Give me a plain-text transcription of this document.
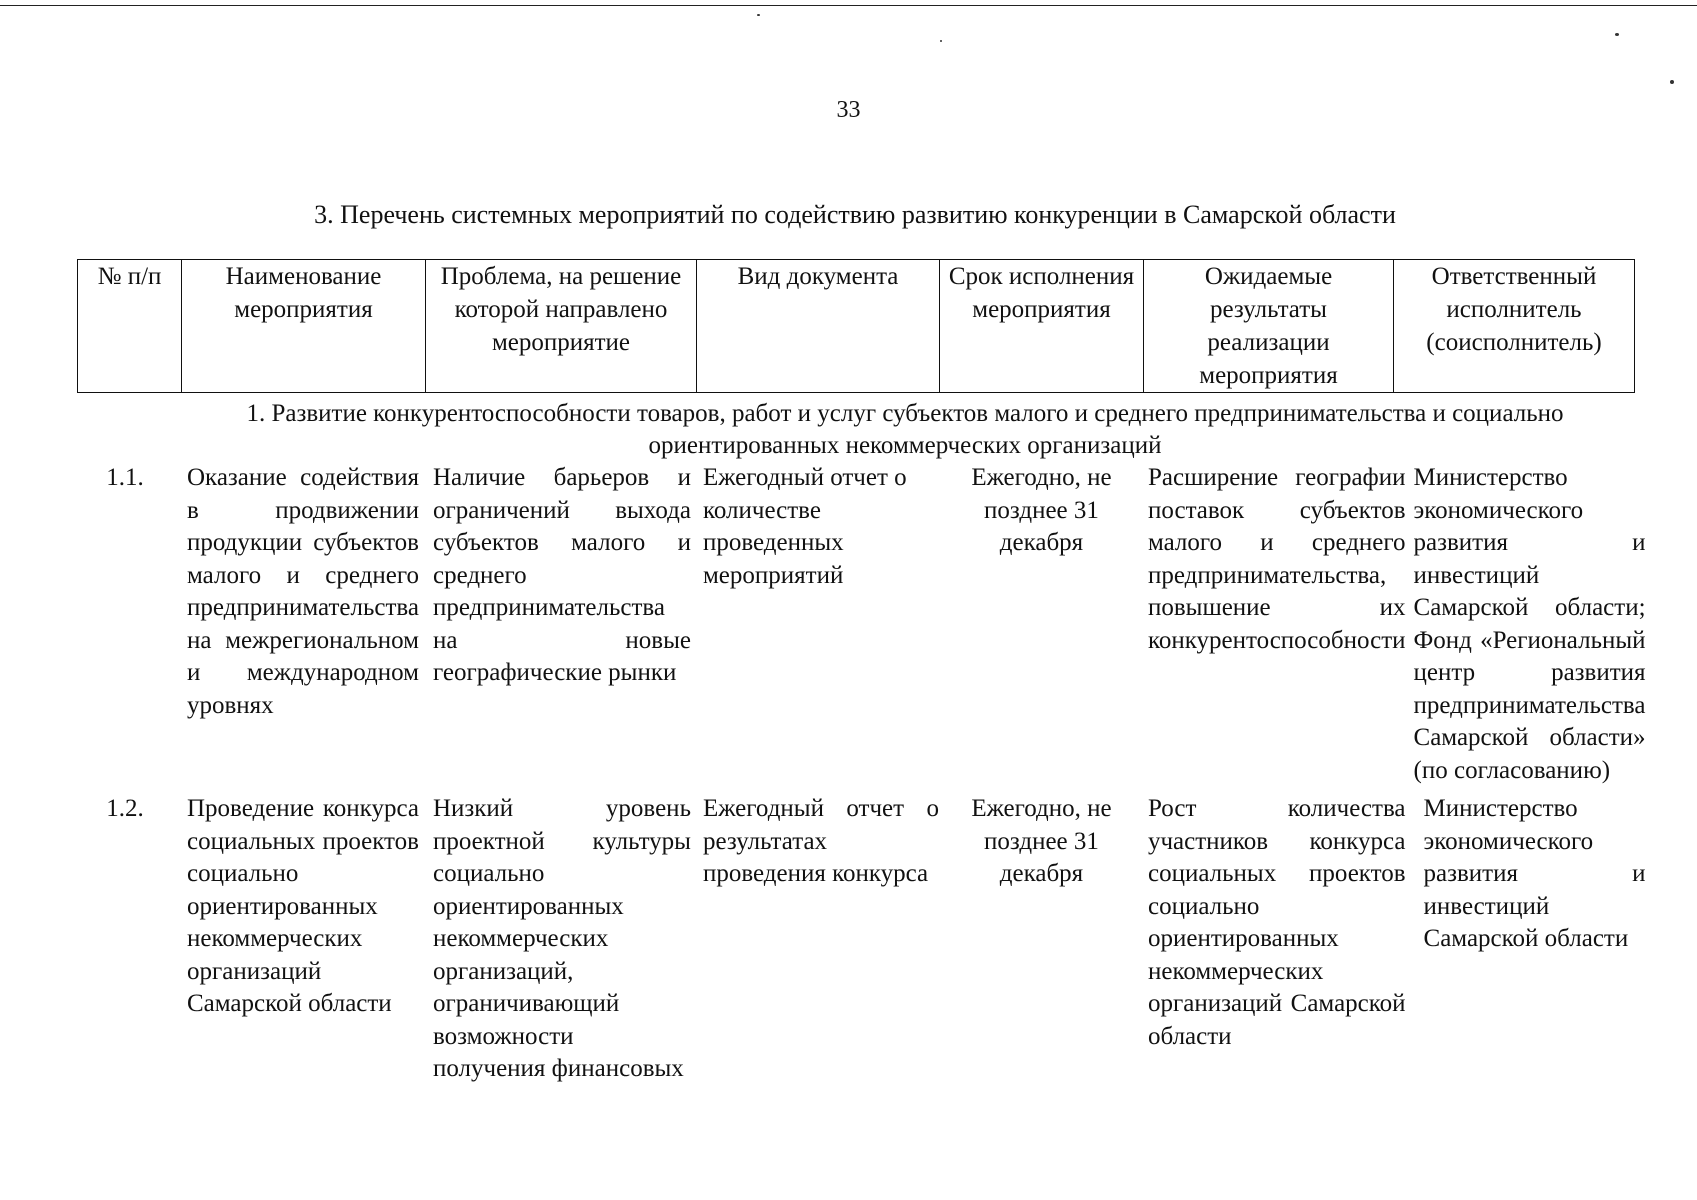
33
3. Перечень системных мероприятий по содействию развитию конкуренции в Самарской области
№ п/п	Наименование мероприятия	Проблема, на решение которой направлено мероприятие	Вид документа	Срок исполнения мероприятия	Ожидаемые результаты реализации мероприятия	Ответственный исполнитель (соисполнитель)
1. Развитие конкурентоспособности товаров, работ и услуг субъектов малого и среднего предпринимательства и социально ориентированных некоммерческих организаций
1.1.	Оказание содействия в продвижении продукции субъектов малого и среднего предпринимательства на межрегиональном и международном уровнях	Наличие барьеров и ограничений выхода субъектов малого и среднего предпринимательства на новые географические рынки	Ежегодный отчет о количестве проведенных мероприятий	Ежегодно, не позднее 31 декабря	Расширение географии поставок субъектов малого и среднего предпринимательства, повышение их конкурентоспособности	Министерство экономического развития и инвестиций Самарской области; Фонд «Региональный центр развития предпринимательства Самарской области» (по согласованию)

1.2.	Проведение конкурса социальных проектов социально ориентированных некоммерческих организаций Самарской области	Низкий уровень проектной культуры социально ориентированных некоммерческих организаций, ограничивающий возможности получения финансовых	Ежегодный отчет о результатах проведения конкурса	Ежегодно, не позднее 31 декабря	Рост количества участников конкурса социальных проектов социально ориентированных некоммерческих организаций Самарской области	Министерство экономического развития и инвестиций Самарской области
